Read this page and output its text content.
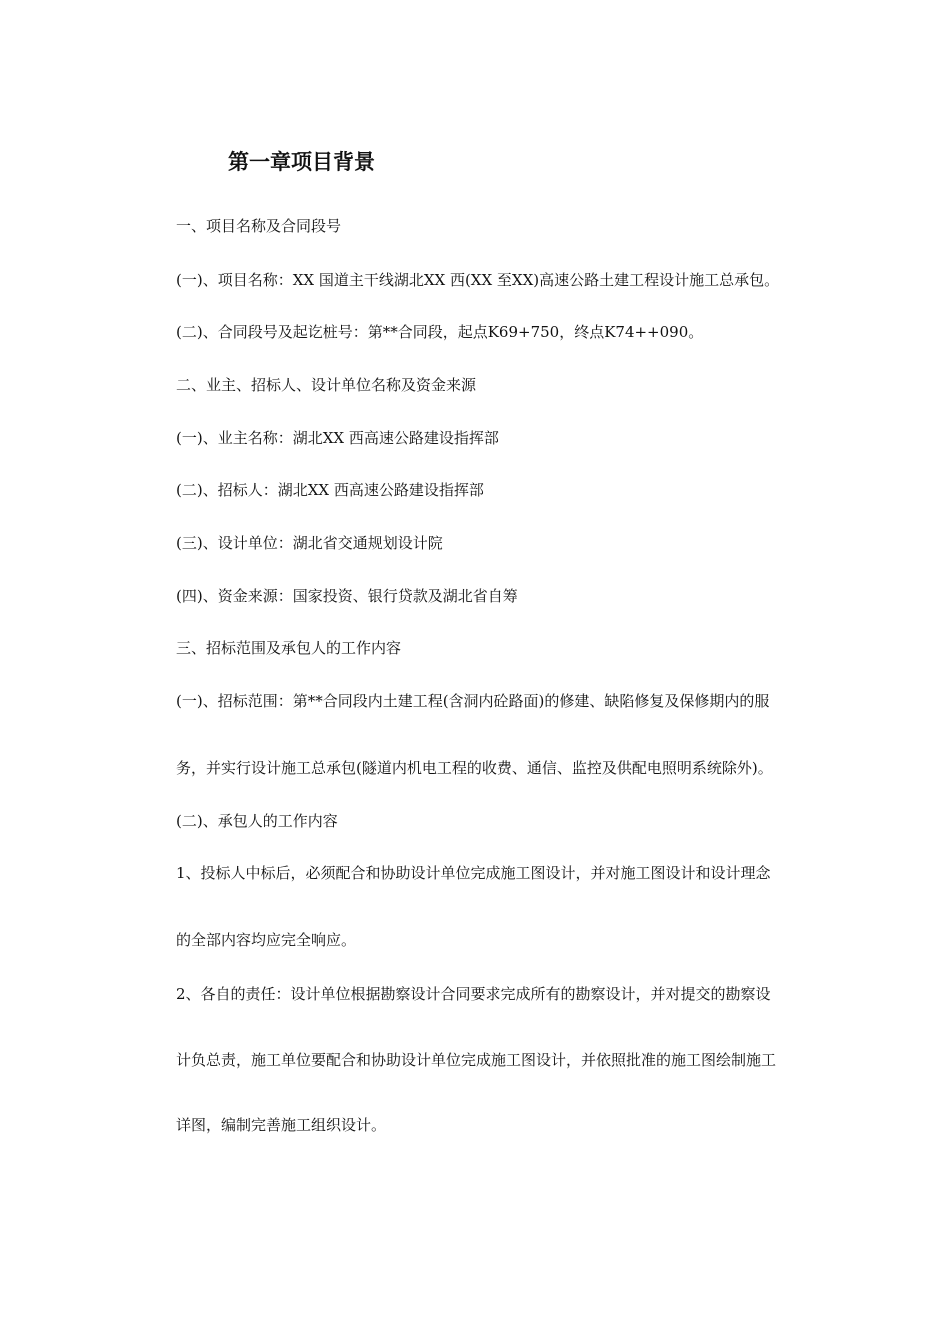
第一章项目背景
一、项目名称及合同段号
(一)、项目名称：XX 国道主干线湖北XX 西(XX 至XX)高速公路土建工程设计施工总承包。
(二)、合同段号及起讫桩号：第**合同段，起点K69+750，终点K74++090。
二、业主、招标人、设计单位名称及资金来源
(一)、业主名称：湖北XX 西高速公路建设指挥部
(二)、招标人：湖北XX 西高速公路建设指挥部
(三)、设计单位：湖北省交通规划设计院
(四)、资金来源：国家投资、银行贷款及湖北省自筹
三、招标范围及承包人的工作内容
(一)、招标范围：第**合同段内土建工程(含洞内砼路面)的修建、缺陷修复及保修期内的服
务，并实行设计施工总承包(隧道内机电工程的收费、通信、监控及供配电照明系统除外)。
(二)、承包人的工作内容
1、投标人中标后，必须配合和协助设计单位完成施工图设计，并对施工图设计和设计理念
的全部内容均应完全响应。
2、各自的责任：设计单位根据勘察设计合同要求完成所有的勘察设计，并对提交的勘察设
计负总责，施工单位要配合和协助设计单位完成施工图设计，并依照批准的施工图绘制施工
详图，编制完善施工组织设计。
